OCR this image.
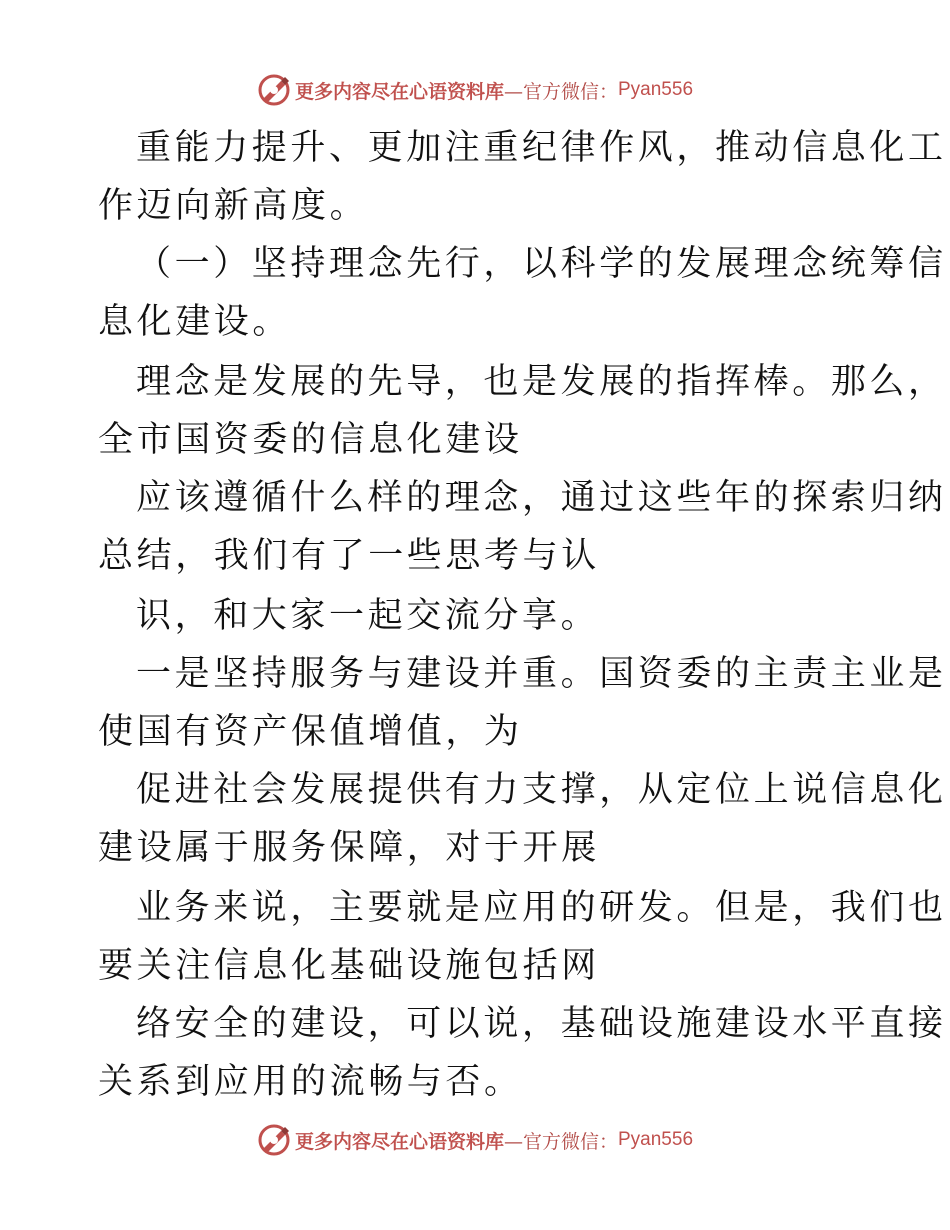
更多内容尽在心语资料库 —官方微信： Pyan556
重能力提升、更加注重纪律作风，推动信息化工
作迈向新高度。
（一）坚持理念先行，以科学的发展理念统筹信
息化建设。
理念是发展的先导，也是发展的指挥棒。那么，
全市国资委的信息化建设
应该遵循什么样的理念，通过这些年的探索归纳
总结，我们有了一些思考与认
识，和大家一起交流分享。
一是坚持服务与建设并重。国资委的主责主业是
使国有资产保值增值，为
促进社会发展提供有力支撑，从定位上说信息化
建设属于服务保障，对于开展
业务来说，主要就是应用的研发。但是，我们也
要关注信息化基础设施包括网
络安全的建设，可以说，基础设施建设水平直接
关系到应用的流畅与否。
更多内容尽在心语资料库 —官方微信： Pyan556
